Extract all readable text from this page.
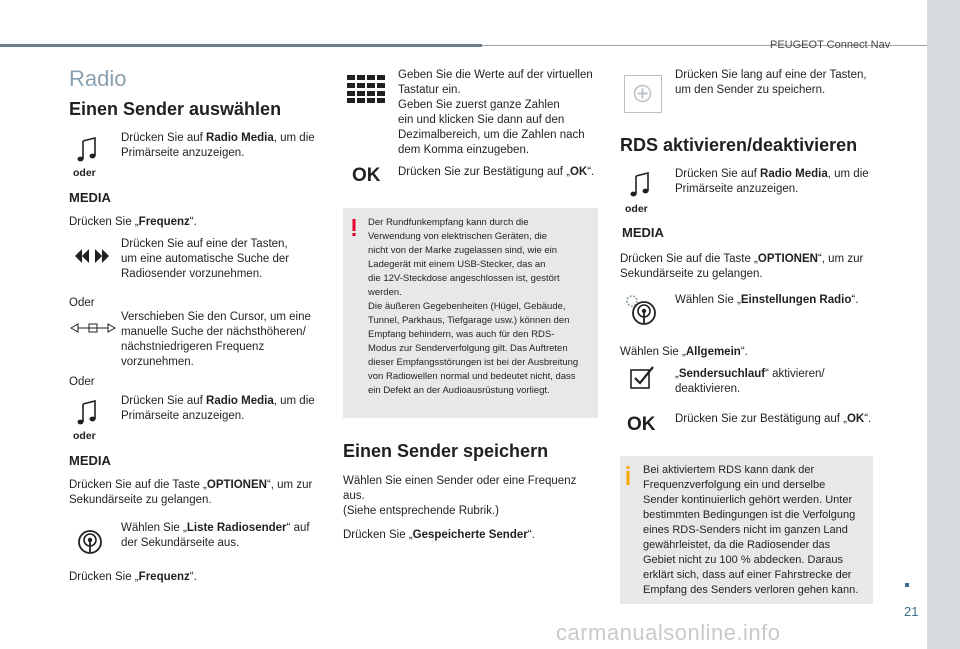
PEUGEOT Connect Nav
Radio
Einen Sender auswählen
oder
MEDIA
Drücken Sie auf Radio Media, um die
Primärseite anzuzeigen.
Drücken Sie „Frequenz“.
Drücken Sie auf eine der Tasten,
um eine automatische Suche der
Radiosender vorzunehmen.
Oder
Verschieben Sie den Cursor, um eine
manuelle Suche der nächsthöheren/
nächstniedrigeren Frequenz
vorzunehmen.
Oder
oder
MEDIA
Drücken Sie auf Radio Media, um die
Primärseite anzuzeigen.
Drücken Sie auf die Taste „OPTIONEN“, um zur
Sekundärseite zu gelangen.
Wählen Sie „Liste Radiosender“ auf
der Sekundärseite aus.
Drücken Sie „Frequenz“.
Geben Sie die Werte auf der virtuellen
Tastatur ein.
Geben Sie zuerst ganze Zahlen
ein und klicken Sie dann auf den
Dezimalbereich, um die Zahlen nach
dem Komma einzugeben.
OK Drücken Sie zur Bestätigung auf „OK“.
Der Rundfunkempfang kann durch die
Verwendung von elektrischen Geräten, die
nicht von der Marke zugelassen sind, wie ein
Ladegerät mit einem USB-Stecker, das an
die 12V-Steckdose angeschlossen ist, gestört
werden.
Die äußeren Gegebenheiten (Hügel, Gebäude,
Tunnel, Parkhaus, Tiefgarage usw.) können den
Empfang behindern, was auch für den RDS-
Modus zur Senderverfolgung gilt. Das Auftreten
dieser Empfangsstörungen ist bei der Ausbreitung
von Radiowellen normal und bedeutet nicht, dass
ein Defekt an der Audioausrüstung vorliegt.
Einen Sender speichern
Wählen Sie einen Sender oder eine Frequenz
aus.
(Siehe entsprechende Rubrik.)
Drücken Sie „Gespeicherte Sender“.
Drücken Sie lang auf eine der Tasten,
um den Sender zu speichern.
RDS aktivieren/deaktivieren
oder
MEDIA
Drücken Sie auf Radio Media, um die
Primärseite anzuzeigen.
Drücken Sie auf die Taste „OPTIONEN“, um zur
Sekundärseite zu gelangen.
Wählen Sie „Einstellungen Radio“.
Wählen Sie „Allgemein“.
„Sendersuchlauf“ aktivieren/
deaktivieren.
OK Drücken Sie zur Bestätigung auf „OK“.
Bei aktiviertem RDS kann dank der
Frequenzverfolgung ein und derselbe
Sender kontinuierlich gehört werden. Unter
bestimmten Bedingungen ist die Verfolgung
eines RDS-Senders nicht im ganzen Land
gewährleistet, da die Radiosender das
Gebiet nicht zu 100 % abdecken. Daraus
erklärt sich, dass auf einer Fahrstrecke der
Empfang des Senders verloren gehen kann.
21
carmanualsonline.info
